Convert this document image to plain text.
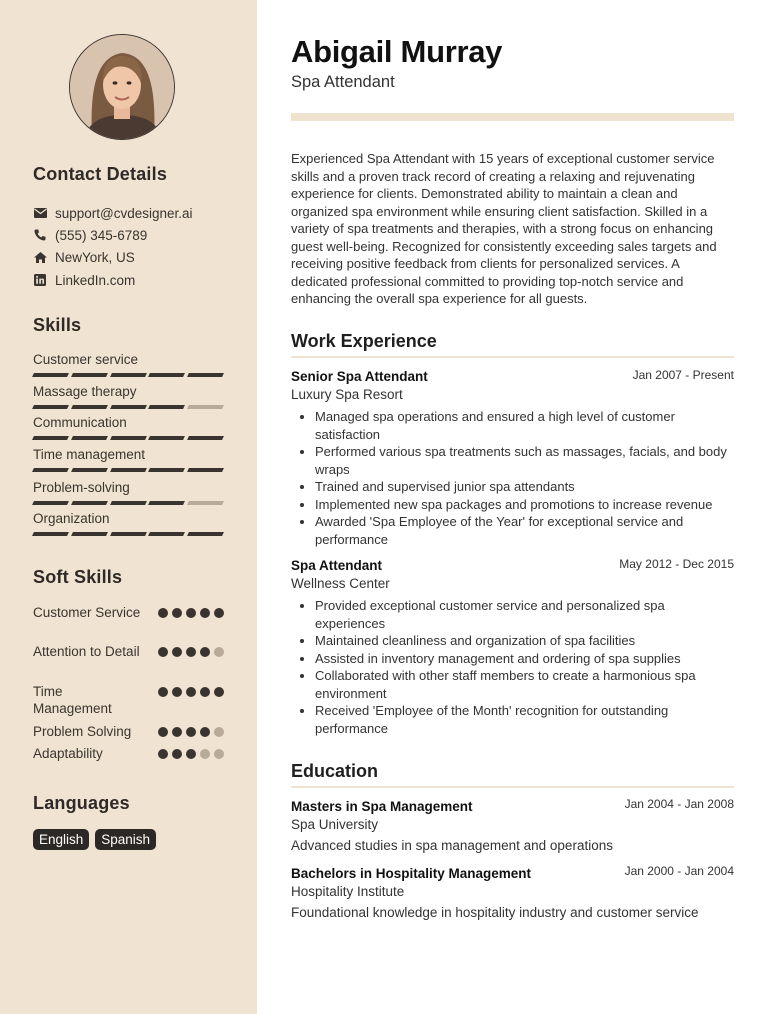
Contact Details
support@cvdesigner.ai
(555) 345-6789
NewYork, US
LinkedIn.com
Skills
Customer service
Massage therapy
Communication
Time management
Problem-solving
Organization
Soft Skills
Customer Service
Attention to Detail
Time Management
Problem Solving
Adaptability
Languages
English	Spanish
Abigail Murray
Spa Attendant

Experienced Spa Attendant with 15 years of exceptional customer service skills and a proven track record of creating a relaxing and rejuvenating experience for clients. Demonstrated ability to maintain a clean and organized spa environment while ensuring client satisfaction. Skilled in a variety of spa treatments and therapies, with a strong focus on enhancing guest well-being. Recognized for consistently exceeding sales targets and receiving positive feedback from clients for personalized services. A dedicated professional committed to providing top-notch service and enhancing the overall spa experience for all guests.

Work Experience
Senior Spa Attendant	Jan 2007 - Present
Luxury Spa Resort
• Managed spa operations and ensured a high level of customer satisfaction
• Performed various spa treatments such as massages, facials, and body wraps
• Trained and supervised junior spa attendants
• Implemented new spa packages and promotions to increase revenue
• Awarded 'Spa Employee of the Year' for exceptional service and performance
Spa Attendant	May 2012 - Dec 2015
Wellness Center
• Provided exceptional customer service and personalized spa experiences
• Maintained cleanliness and organization of spa facilities
• Assisted in inventory management and ordering of spa supplies
• Collaborated with other staff members to create a harmonious spa environment
• Received 'Employee of the Month' recognition for outstanding performance
Education
Masters in Spa Management	Jan 2004 - Jan 2008
Spa University
Advanced studies in spa management and operations
Bachelors in Hospitality Management	Jan 2000 - Jan 2004
Hospitality Institute
Foundational knowledge in hospitality industry and customer service
